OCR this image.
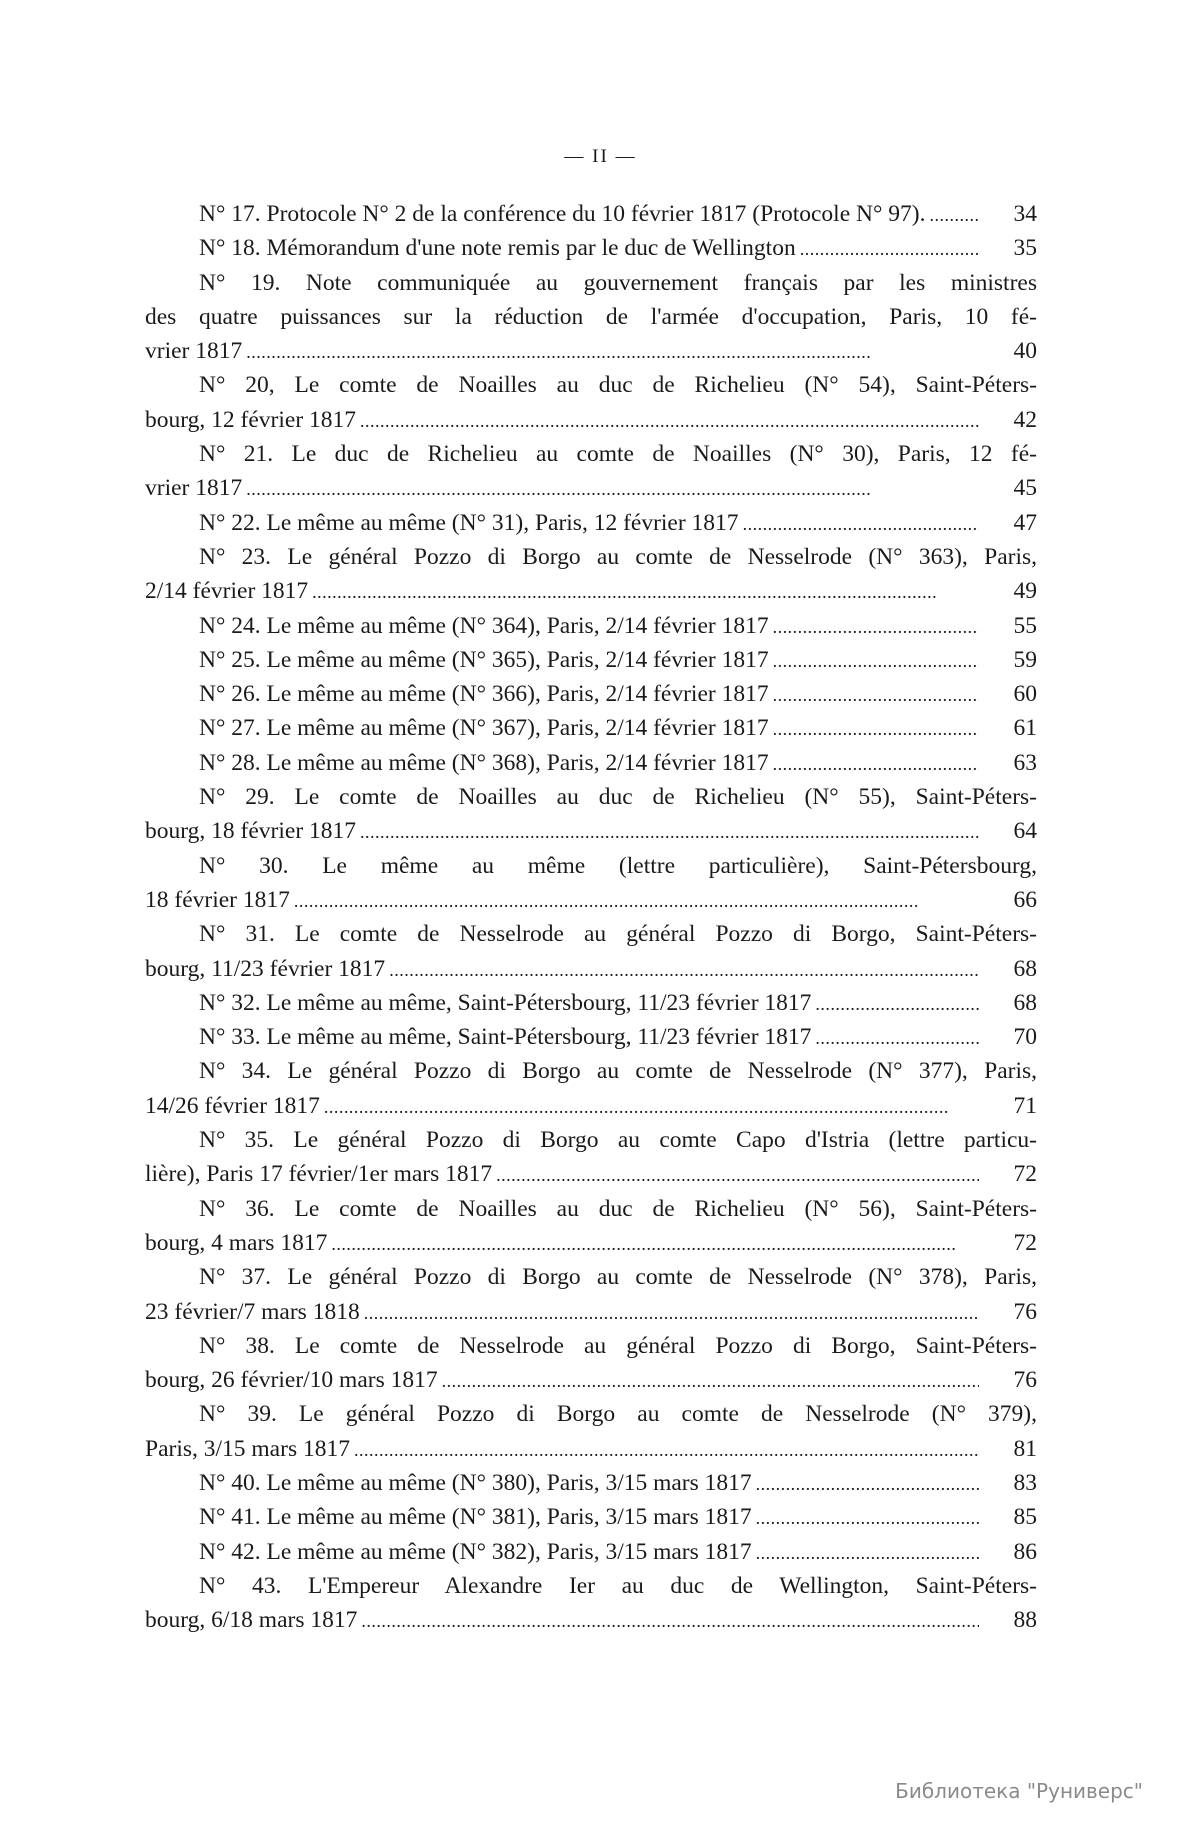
— II —
N° 17. Protocole N° 2 de la conférence du 10 février 1817 (Protocole N° 97). . . .	34
N° 18. Mémorandum d'une note remis par le duc de Wellington . . .	35
N° 19. Note communiquée au gouvernement français par les ministres
des quatre puissances sur la réduction de l'armée d'occupation, Paris, 10 fé-
vrier 1817 . . .	40
N° 20, Le comte de Noailles au duc de Richelieu (N° 54), Saint-Péters-
bourg, 12 février 1817 . . .	42
N° 21. Le duc de Richelieu au comte de Noailles (N° 30), Paris, 12 fé-
vrier 1817 . . .	45
N° 22. Le même au même (N° 31), Paris, 12 février 1817 . . .	47
N° 23. Le général Pozzo di Borgo au comte de Nesselrode (N° 363), Paris,
2/14 février 1817 . . .	49
N° 24. Le même au même (N° 364), Paris, 2/14 février 1817 . . .	55
N° 25. Le même au même (N° 365), Paris, 2/14 février 1817 . . .	59
N° 26. Le même au même (N° 366), Paris, 2/14 février 1817 . . .	60
N° 27. Le même au même (N° 367), Paris, 2/14 février 1817 . . .	61
N° 28. Le même au même (N° 368), Paris, 2/14 février 1817 . . .	63
N° 29. Le comte de Noailles au duc de Richelieu (N° 55), Saint-Péters-
bourg, 18 février 1817 . . .	64
N° 30. Le même au même (lettre particulière), Saint-Pétersbourg,
18 février 1817 . . .	66
N° 31. Le comte de Nesselrode au général Pozzo di Borgo, Saint-Péters-
bourg, 11/23 février 1817 . . .	68
N° 32. Le même au même, Saint-Pétersbourg, 11/23 février 1817 . . .	68
N° 33. Le même au même, Saint-Pétersbourg, 11/23 février 1817 . . .	70
N° 34. Le général Pozzo di Borgo au comte de Nesselrode (N° 377), Paris,
14/26 février 1817 . . .	71
N° 35. Le général Pozzo di Borgo au comte Capo d'Istria (lettre particu-
lière), Paris 17 février/1er mars 1817 . . .	72
N° 36. Le comte de Noailles au duc de Richelieu (N° 56), Saint-Péters-
bourg, 4 mars 1817 . . .	72
N° 37. Le général Pozzo di Borgo au comte de Nesselrode (N° 378), Paris,
23 février/7 mars 1818 . . .	76
N° 38. Le comte de Nesselrode au général Pozzo di Borgo, Saint-Péters-
bourg, 26 février/10 mars 1817 . . .	76
N° 39. Le général Pozzo di Borgo au comte de Nesselrode (N° 379),
Paris, 3/15 mars 1817 . . .	81
N° 40. Le même au même (N° 380), Paris, 3/15 mars 1817 . . .	83
N° 41. Le même au même (N° 381), Paris, 3/15 mars 1817 . . .	85
N° 42. Le même au même (N° 382), Paris, 3/15 mars 1817 . . .	86
N° 43. L'Empereur Alexandre Ier au duc de Wellington, Saint-Péters-
bourg, 6/18 mars 1817 . . .	88
Библиотека "Руниверс"
